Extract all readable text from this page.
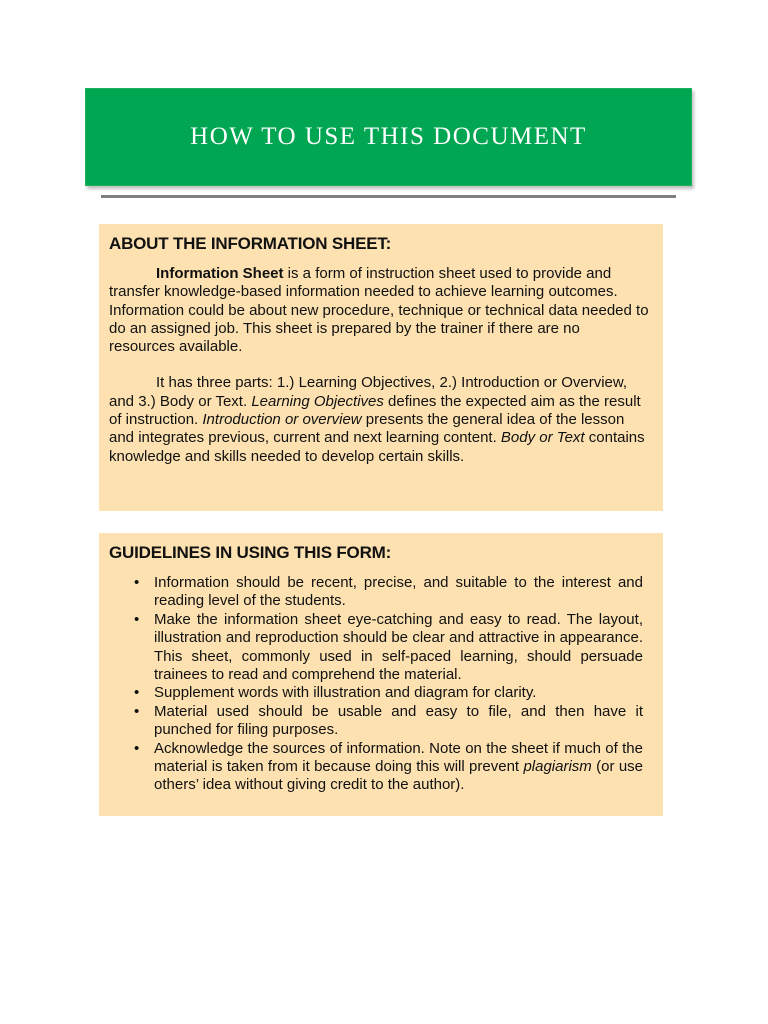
HOW TO USE THIS DOCUMENT
ABOUT THE INFORMATION SHEET:

Information Sheet is a form of instruction sheet used to provide and transfer knowledge-based information needed to achieve learning outcomes. Information could be about new procedure, technique or technical data needed to do an assigned job. This sheet is prepared by the trainer if there are no resources available.

It has three parts: 1.) Learning Objectives, 2.) Introduction or Overview, and 3.) Body or Text. Learning Objectives defines the expected aim as the result of instruction. Introduction or overview presents the general idea of the lesson and integrates previous, current and next learning content. Body or Text contains knowledge and skills needed to develop certain skills.

GUIDELINES IN USING THIS FORM:
• Information should be recent, precise, and suitable to the interest and reading level of the students.
• Make the information sheet eye-catching and easy to read. The layout, illustration and reproduction should be clear and attractive in appearance. This sheet, commonly used in self-paced learning, should persuade trainees to read and comprehend the material.
• Supplement words with illustration and diagram for clarity.
• Material used should be usable and easy to file, and then have it punched for filing purposes.
• Acknowledge the sources of information. Note on the sheet if much of the material is taken from it because doing this will prevent plagiarism (or use others’ idea without giving credit to the author).
